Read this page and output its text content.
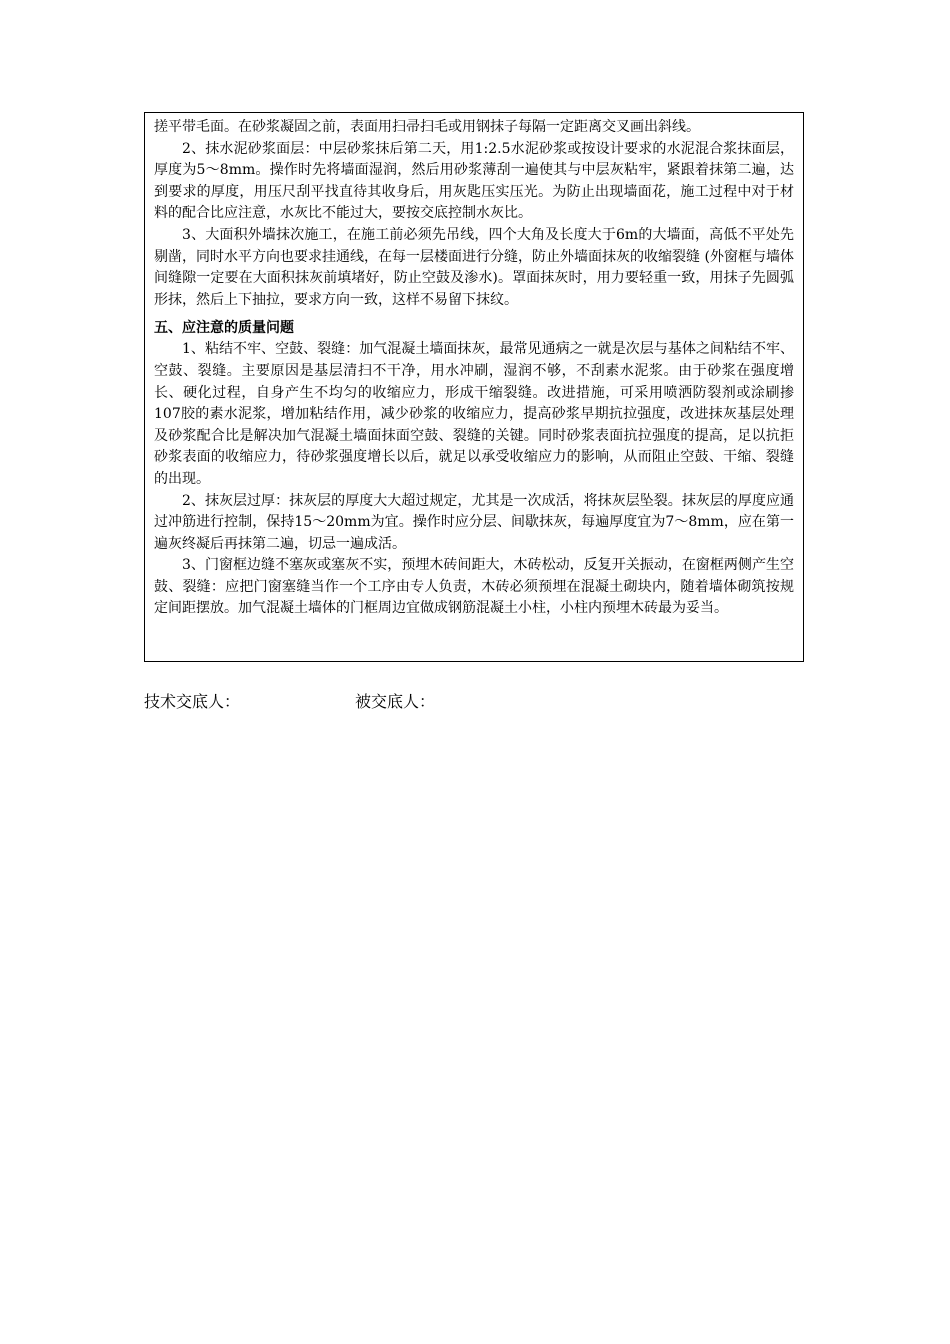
搓平带毛面。在砂浆凝固之前，表面用扫帚扫毛或用钢抹子每隔一定距离交叉画出斜线。

2、抹水泥砂浆面层：中层砂浆抹后第二天，用1:2.5水泥砂浆或按设计要求的水泥混合浆抹面层，厚度为5～8mm。操作时先将墙面湿润，然后用砂浆薄刮一遍使其与中层灰粘牢，紧跟着抹第二遍，达到要求的厚度，用压尺刮平找直待其收身后，用灰匙压实压光。为防止出现墙面花，施工过程中对于材料的配合比应注意，水灰比不能过大，要按交底控制水灰比。

3、大面积外墙抹次施工，在施工前必须先吊线，四个大角及长度大于6m的大墙面，高低不平处先剔凿，同时水平方向也要求挂通线，在每一层楼面进行分缝，防止外墙面抹灰的收缩裂缝 (外窗框与墙体间缝隙一定要在大面积抹灰前填堵好，防止空鼓及渗水)。罩面抹灰时，用力要轻重一致，用抹子先圆弧形抹，然后上下抽拉，要求方向一致，这样不易留下抹纹。

五、应注意的质量问题

1、粘结不牢、空鼓、裂缝：加气混凝土墙面抹灰，最常见通病之一就是次层与基体之间粘结不牢、空鼓、裂缝。主要原因是基层清扫不干净，用水冲刷，湿润不够，不刮素水泥浆。由于砂浆在强度增长、硬化过程，自身产生不均匀的收缩应力，形成干缩裂缝。改进措施，可采用喷洒防裂剂或涂刷掺107胶的素水泥浆，增加粘结作用，减少砂浆的收缩应力，提高砂浆早期抗拉强度，改进抹灰基层处理及砂浆配合比是解决加气混凝土墙面抹面空鼓、裂缝的关键。同时砂浆表面抗拉强度的提高，足以抗拒砂浆表面的收缩应力，待砂浆强度增长以后，就足以承受收缩应力的影响，从而阻止空鼓、干缩、裂缝的出现。

2、抹灰层过厚：抹灰层的厚度大大超过规定，尤其是一次成活，将抹灰层坠裂。抹灰层的厚度应通过冲筋进行控制，保持15～20mm为宜。操作时应分层、间歇抹灰，每遍厚度宜为7～8mm，应在第一遍灰终凝后再抹第二遍，切忌一遍成活。

3、门窗框边缝不塞灰或塞灰不实，预埋木砖间距大，木砖松动，反复开关振动，在窗框两侧产生空鼓、裂缝：应把门窗塞缝当作一个工序由专人负责，木砖必须预埋在混凝土砌块内，随着墙体砌筑按规定间距摆放。加气混凝土墙体的门框周边宜做成钢筋混凝土小柱，小柱内预埋木砖最为妥当。

技术交底人：	被交底人：
